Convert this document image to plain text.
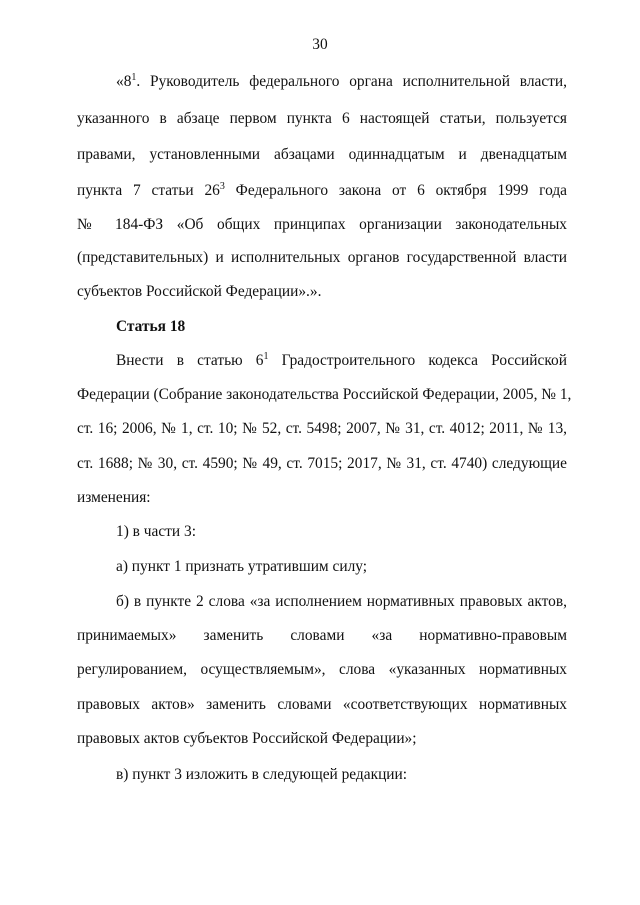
30
«$8^1$. Руководитель федерального органа исполнительной власти,
указанного в абзаце первом пункта 6 настоящей статьи, пользуется
правами, установленными абзацами одиннадцатым и двенадцатым
пункта 7 статьи $26^3$ Федерального закона от 6 октября 1999 года
№ 184-ФЗ «Об общих принципах организации законодательных
(представительных) и исполнительных органов государственной власти
субъектов Российской Федерации».».
Статья 18
Внести в статью $6^1$ Градостроительного кодекса Российской
Федерации (Собрание законодательства Российской Федерации, 2005, № 1,
ст. 16; 2006, № 1, ст. 10; № 52, ст. 5498; 2007, № 31, ст. 4012; 2011, № 13,
ст. 1688; № 30, ст. 4590; № 49, ст. 7015; 2017, № 31, ст. 4740) следующие
изменения:
1) в части 3:
а) пункт 1 признать утратившим силу;
б) в пункте 2 слова «за исполнением нормативных правовых актов,
принимаемых» заменить словами «за нормативно-правовым
регулированием, осуществляемым», слова «указанных нормативных
правовых актов» заменить словами «соответствующих нормативных
правовых актов субъектов Российской Федерации»;
в) пункт 3 изложить в следующей редакции:
